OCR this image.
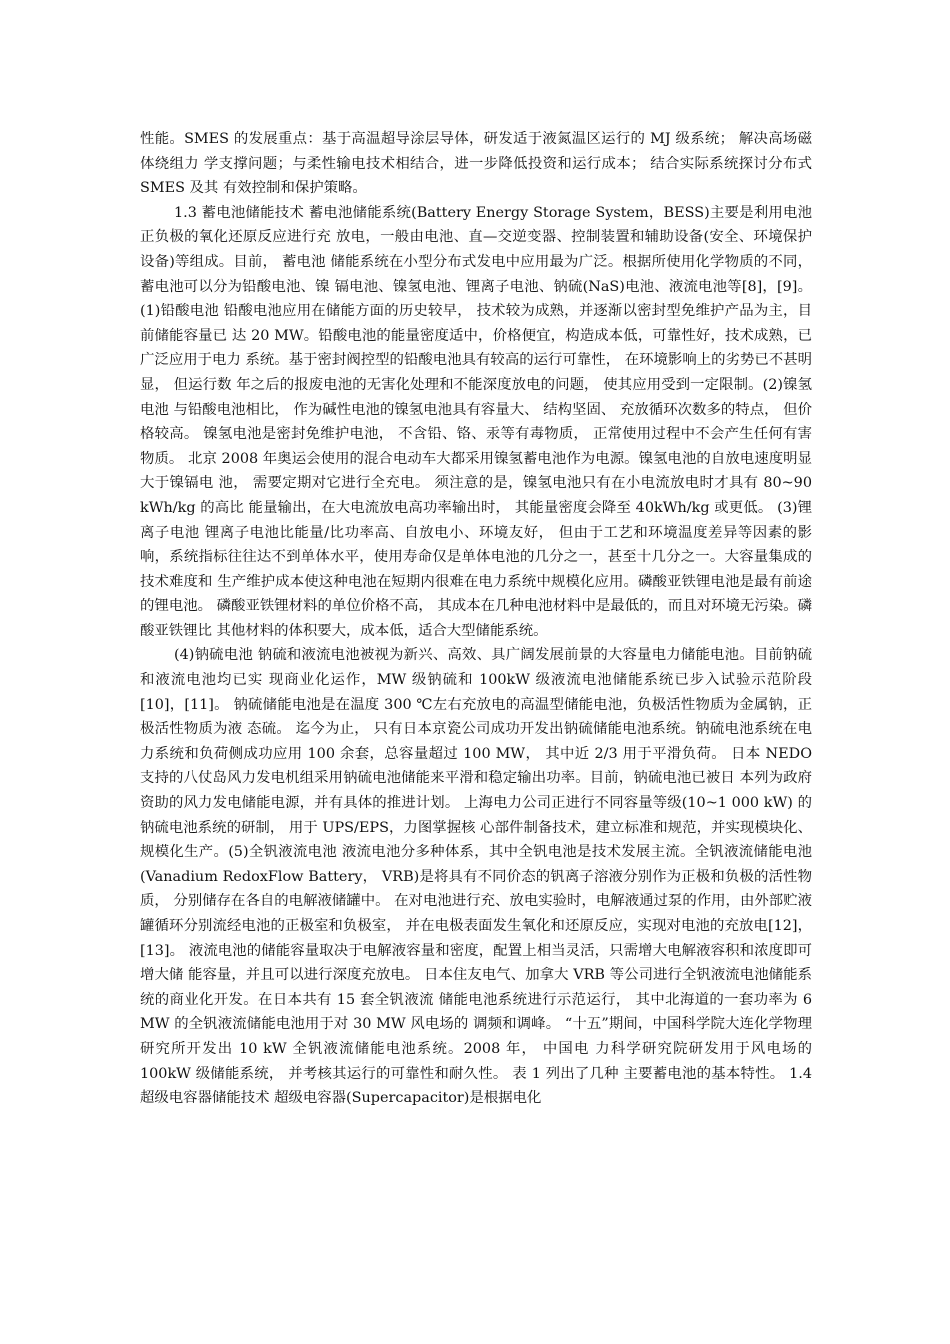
性能。SMES 的发展重点：基于高温超导涂层导体，研发适于液氮温区运行的 MJ 级系统； 解决高场磁体绕组力 学支撑问题；与柔性输电技术相结合，进一步降低投资和运行成本； 结合实际系统探讨分布式 SMES 及其 有效控制和保护策略。

1.3 蓄电池储能技术 蓄电池储能系统(Battery Energy Storage System，BESS)主要是利用电池正负极的氧化还原反应进行充 放电，一般由电池、直—交逆变器、控制装置和辅助设备(安全、环境保护设备)等组成。目前， 蓄电池 储能系统在小型分布式发电中应用最为广泛。根据所使用化学物质的不同，蓄电池可以分为铅酸电池、镍 镉电池、镍氢电池、锂离子电池、钠硫(NaS)电池、液流电池等[8]，[9]。(1)铅酸电池 铅酸电池应用在储能方面的历史较早， 技术较为成熟，并逐渐以密封型免维护产品为主，目前储能容量已 达 20 MW。铅酸电池的能量密度适中，价格便宜，构造成本低，可靠性好，技术成熟，已广泛应用于电力 系统。基于密封阀控型的铅酸电池具有较高的运行可靠性， 在环境影响上的劣势已不甚明显， 但运行数 年之后的报废电池的无害化处理和不能深度放电的问题， 使其应用受到一定限制。(2)镍氢电池 与铅酸电池相比， 作为碱性电池的镍氢电池具有容量大、 结构坚固、 充放循环次数多的特点， 但价格较高。 镍氢电池是密封免维护电池， 不含铅、铬、汞等有毒物质， 正常使用过程中不会产生任何有害物质。 北京 2008 年奥运会使用的混合电动车大都采用镍氢蓄电池作为电源。镍氢电池的自放电速度明显大于镍镉电 池， 需要定期对它进行全充电。 须注意的是，镍氢电池只有在小电流放电时才具有 80~90 kWh/kg 的高比 能量输出，在大电流放电高功率输出时， 其能量密度会降至 40kWh/kg 或更低。 (3)锂离子电池 锂离子电池比能量/比功率高、自放电小、环境友好， 但由于工艺和环境温度差异等因素的影响，系统指标往往达不到单体水平，使用寿命仅是单体电池的几分之一，甚至十几分之一。大容量集成的技术难度和 生产维护成本使这种电池在短期内很难在电力系统中规模化应用。磷酸亚铁锂电池是最有前途的锂电池。 磷酸亚铁锂材料的单位价格不高， 其成本在几种电池材料中是最低的，而且对环境无污染。磷酸亚铁锂比 其他材料的体积要大，成本低，适合大型储能系统。

(4)钠硫电池 钠硫和液流电池被视为新兴、高效、具广阔发展前景的大容量电力储能电池。目前钠硫和液流电池均已实 现商业化运作，MW 级钠硫和 100kW 级液流电池储能系统已步入试验示范阶段[10]，[11]。 钠硫储能电池是在温度 300 ℃左右充放电的高温型储能电池，负极活性物质为金属钠，正极活性物质为液 态硫。 迄今为止， 只有日本京瓷公司成功开发出钠硫储能电池系统。钠硫电池系统在电力系统和负荷侧成功应用 100 余套，总容量超过 100 MW， 其中近 2/3 用于平滑负荷。 日本 NEDO 支持的八仗岛风力发电机组采用钠硫电池储能来平滑和稳定输出功率。目前，钠硫电池已被日 本列为政府资助的风力发电储能电源，并有具体的推进计划。 上海电力公司正进行不同容量等级(10~1 000 kW) 的钠硫电池系统的研制， 用于 UPS/EPS，力图掌握核 心部件制备技术，建立标准和规范，并实现模块化、规模化生产。(5)全钒液流电池 液流电池分多种体系，其中全钒电池是技术发展主流。全钒液流储能电池(Vanadium RedoxFlow Battery， VRB)是将具有不同价态的钒离子溶液分别作为正极和负极的活性物质， 分别储存在各自的电解液储罐中。 在对电池进行充、放电实验时，电解液通过泵的作用，由外部贮液罐循环分别流经电池的正极室和负极室， 并在电极表面发生氧化和还原反应，实现对电池的充放电[12]，[13]。 液流电池的储能容量取决于电解液容量和密度，配置上相当灵活，只需增大电解液容积和浓度即可增大储 能容量，并且可以进行深度充放电。 日本住友电气、加拿大 VRB 等公司进行全钒液流电池储能系统的商业化开发。在日本共有 15 套全钒液流 储能电池系统进行示范运行， 其中北海道的一套功率为 6 MW 的全钒液流储能电池用于对 30 MW 风电场的 调频和调峰。 “十五”期间，中国科学院大连化学物理研究所开发出 10 kW 全钒液流储能电池系统。2008 年， 中国电 力科学研究院研发用于风电场的 100kW 级储能系统， 并考核其运行的可靠性和耐久性。 表 1 列出了几种 主要蓄电池的基本特性。 1.4 超级电容器储能技术 超级电容器(Supercapacitor)是根据电化
